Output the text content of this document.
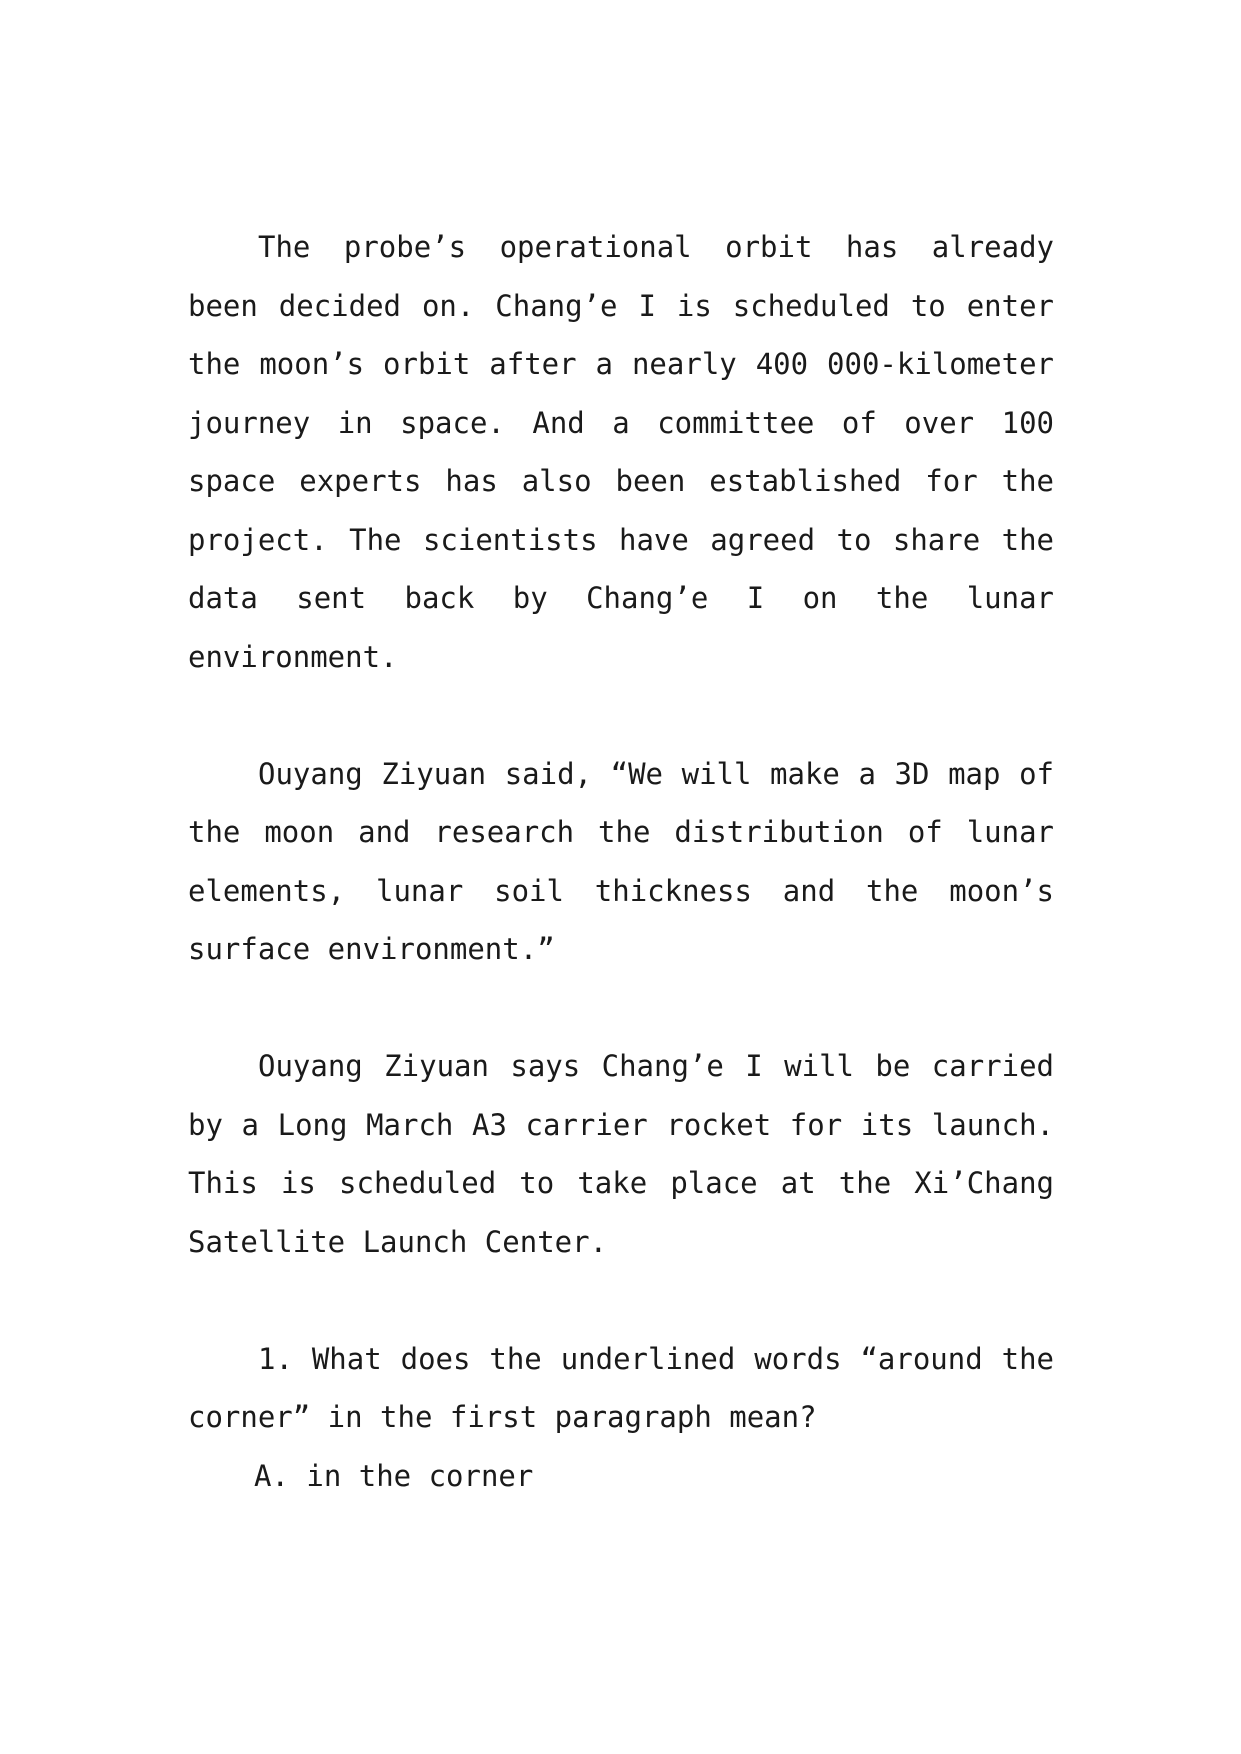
The probe’s operational orbit has already been decided on. Chang’e I is scheduled to enter the moon’s orbit after a nearly 400 000-kilometer journey in space. And a committee of over 100 space experts has also been established for the project. The scientists have agreed to share the data sent back by Chang’e I on the lunar environment.

Ouyang Ziyuan said, “We will make a 3D map of the moon and research the distribution of lunar elements, lunar soil thickness and the moon’s surface environment.”

Ouyang Ziyuan says Chang’e I will be carried by a Long March A3 carrier rocket for its launch. This is scheduled to take place at the Xi’Chang Satellite Launch Center.

1. What does the underlined words “around the corner” in the first paragraph mean?

A. in the corner
